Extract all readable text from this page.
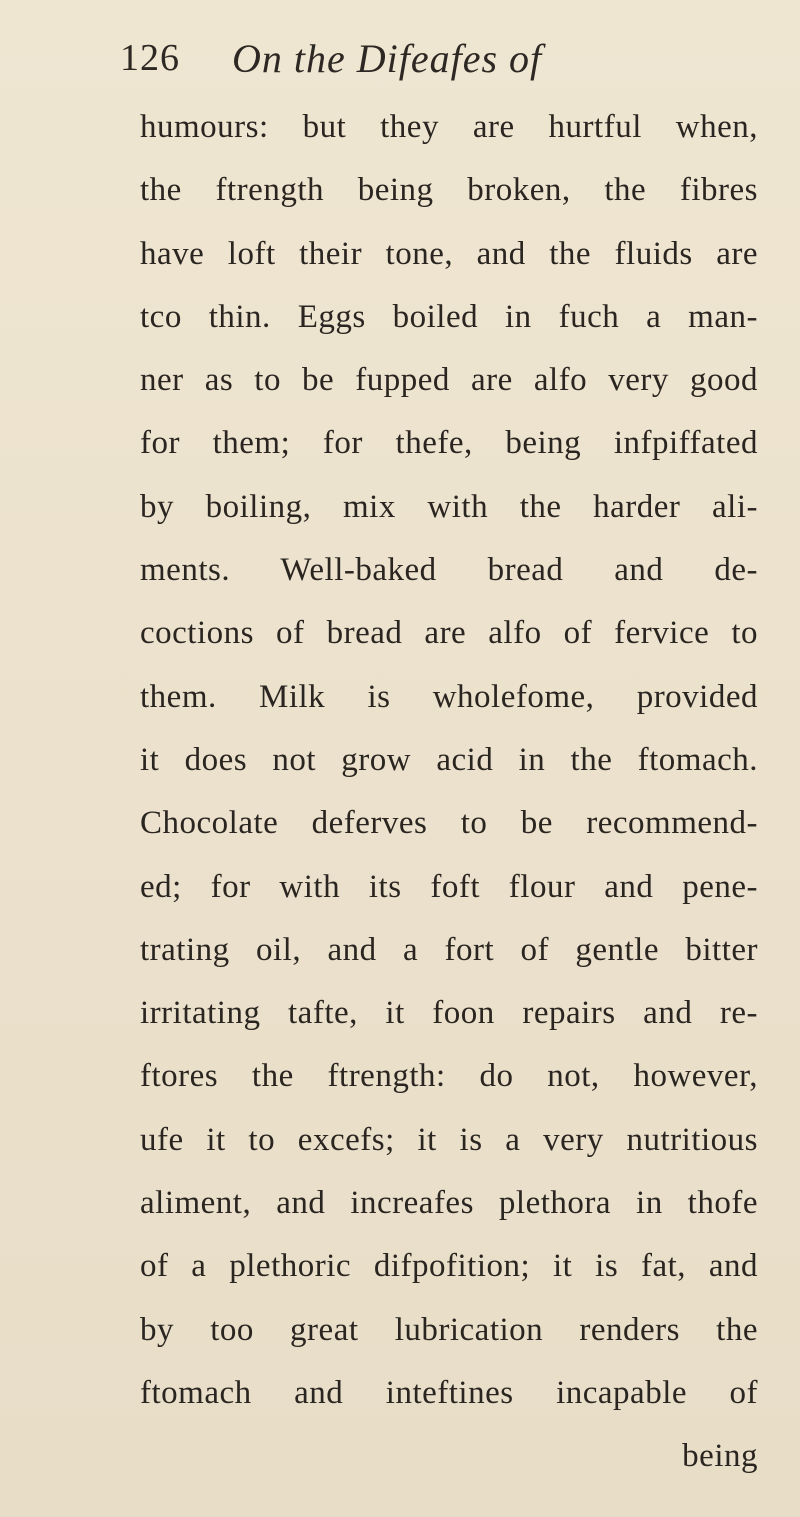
126 On the Difeafes of
humours: but they are hurtful when,
the ftrength being broken, the fibres
have loft their tone, and the fluids are
tco thin. Eggs boiled in fuch a man-
ner as to be fupped are alfo very good
for them; for thefe, being infpiffated
by boiling, mix with the harder ali-
ments. Well-baked bread and de-
coctions of bread are alfo of fervice to
them. Milk is wholefome, provided
it does not grow acid in the ftomach.
Chocolate deferves to be recommend-
ed; for with its foft flour and pene-
trating oil, and a fort of gentle bitter
irritating tafte, it foon repairs and re-
ftores the ftrength: do not, however,
ufe it to excefs; it is a very nutritious
aliment, and increafes plethora in thofe
of a plethoric difpofition; it is fat, and
by too great lubrication renders the
ftomach and inteftines incapable of
being
